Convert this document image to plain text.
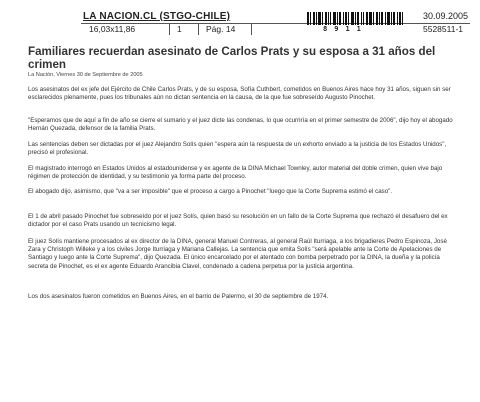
LA NACION.CL (STGO-CHILE)	30.09.2005
16,03x11,86	1	Pág. 14	5528511-1
8 9 1 1
Familiares recuerdan asesinato de Carlos Prats y su esposa a 31 años del crimen
La Nación, Viernes 30 de Septiembre de 2005

Los asesinatos del ex jefe del Ejército de Chile Carlos Prats, y de su esposa, Sofía Cuthbert, cometidos en Buenos Aires hace hoy 31 años, siguen sin ser esclarecidos plenamente, pues los tribunales aún no dictan sentencia en la causa, de la que fue sobreseído Augusto Pinochet.

"Esperamos que de aquí a fin de año se cierre el sumario y el juez dicte las condenas, lo que ocurriría en el primer semestre de 2006", dijo hoy el abogado Hernán Quezada, defensor de la familia Prats.

Las sentencias deben ser dictadas por el juez Alejandro Solís quien "espera aún la respuesta de un exhorto enviado a la justicia de los Estados Unidos", precisó el profesional.

El magistrado interrogó en Estados Unidos al estadounidense y ex agente de la DINA Michael Townley, autor material del doble crimen, quien vive bajo régimen de protección de identidad, y su testimonio ya forma parte del proceso.

El abogado dijo, asimismo, que "va a ser imposible" que el proceso a cargo a Pinochet "luego que la Corte Suprema estimó el caso".

El 1 de abril pasado Pinochet fue sobreseído por el juez Solís, quien basó su resolución en un fallo de la Corte Suprema que rechazó el desafuero del ex dictador por el caso Prats usando un tecnicismo legal.

El juez Solís mantiene procesados al ex director de la DINA, general Manuel Contreras, al general Raúl Iturriaga, a los brigadieres Pedro Espinoza, José Zara y Christoph Willeke y a los civiles Jorge Iturriaga y Mariana Callejas. La sentencia que emita Solís "será apelable ante la Corte de Apelaciones de Santiago y luego ante la Corte Suprema", dijo Quezada. El único encarcelado por el atentado con bomba perpetrado por la DINA, la dueña y la policía secreta de Pinochet, es el ex agente Eduardo Arancibia Clavel, condenado a cadena perpetua por la justicia argentina.

Los dos asesinatos fueron cometidos en Buenos Aires, en el barrio de Palermo, el 30 de septiembre de 1974.
